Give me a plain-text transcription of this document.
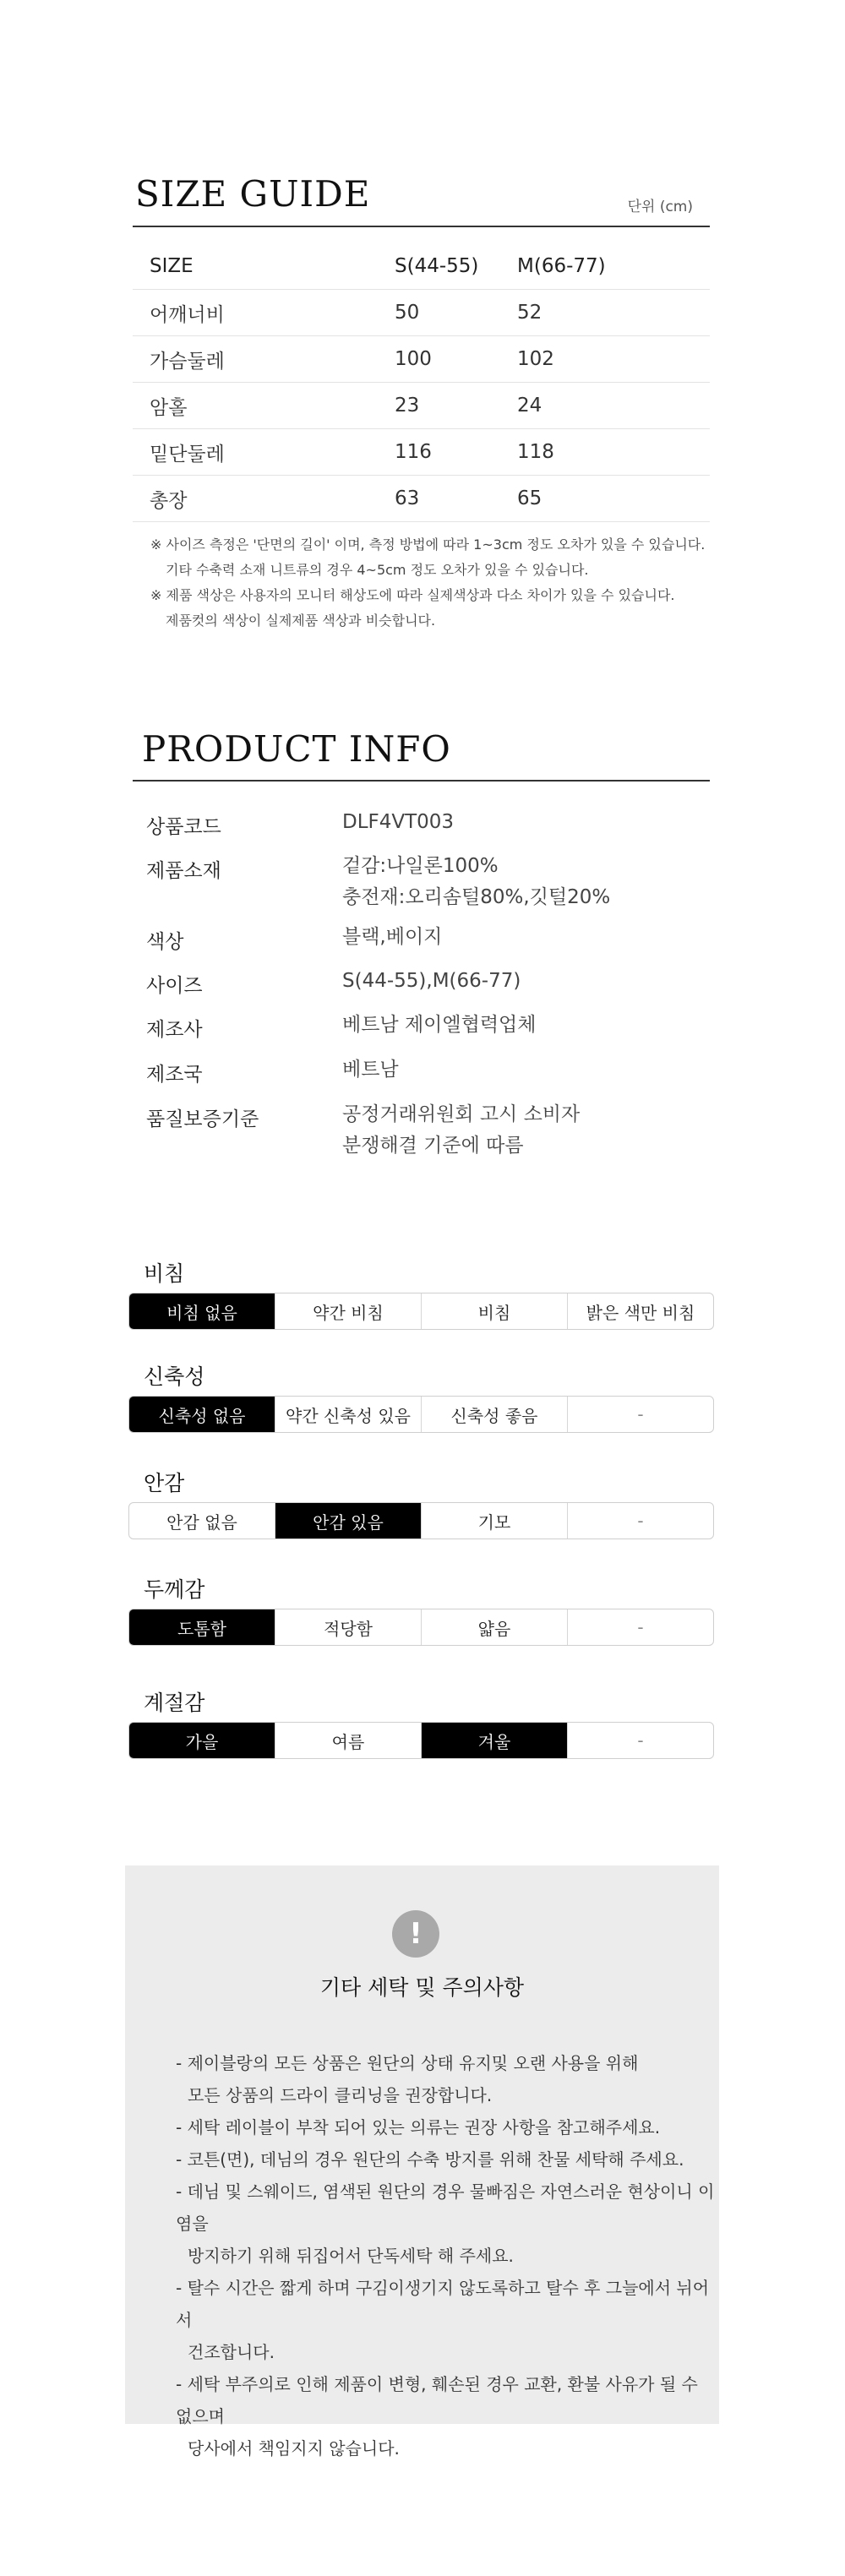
SIZE GUIDE	단위 (cm)
SIZE	S(44-55)	M(66-77)
어깨너비	50	52
가슴둘레	100	102
암홀	23	24
밑단둘레	116	118
총장	63	65
※ 사이즈 측정은 '단면의 길이' 이며, 측정 방법에 따라 1~3cm 정도 오차가 있을 수 있습니다.
기타 수축력 소재 니트류의 경우 4~5cm 정도 오차가 있을 수 있습니다.
※ 제품 색상은 사용자의 모니터 해상도에 따라 실제색상과 다소 차이가 있을 수 있습니다.
제품컷의 색상이 실제제품 색상과 비슷합니다.
PRODUCT INFO
상품코드	DLF4VT003
제품소재	겉감:나일론100%
충전재:오리솜털80%,깃털20%
색상	블랙,베이지
사이즈	S(44-55),M(66-77)
제조사	베트남 제이엘협력업체
제조국	베트남
품질보증기준	공정거래위원회 고시 소비자
분쟁해결 기준에 따름
비침
비침 없음	약간 비침	비침	밝은 색만 비침
신축성
신축성 없음	약간 신축성 있음	신축성 좋음	-
안감
안감 없음	안감 있음	기모	-
두께감
도톰함	적당함	얇음	-
계절감
가을	여름	겨울	-
!
기타 세탁 및 주의사항
- 제이블랑의 모든 상품은 원단의 상태 유지및 오랜 사용을 위해
모든 상품의 드라이 클리닝을 권장합니다.
- 세탁 레이블이 부착 되어 있는 의류는 권장 사항을 참고해주세요.
- 코튼(면), 데님의 경우 원단의 수축 방지를 위해 찬물 세탁해 주세요.
- 데님 및 스웨이드, 염색된 원단의 경우 물빠짐은 자연스러운 현상이니 이염을
방지하기 위해 뒤집어서 단독세탁 해 주세요.
- 탈수 시간은 짧게 하며 구김이생기지 않도록하고 탈수 후 그늘에서 뉘어서
건조합니다.
- 세탁 부주의로 인해 제품이 변형, 훼손된 경우 교환, 환불 사유가 될 수 없으며
당사에서 책임지지 않습니다.
